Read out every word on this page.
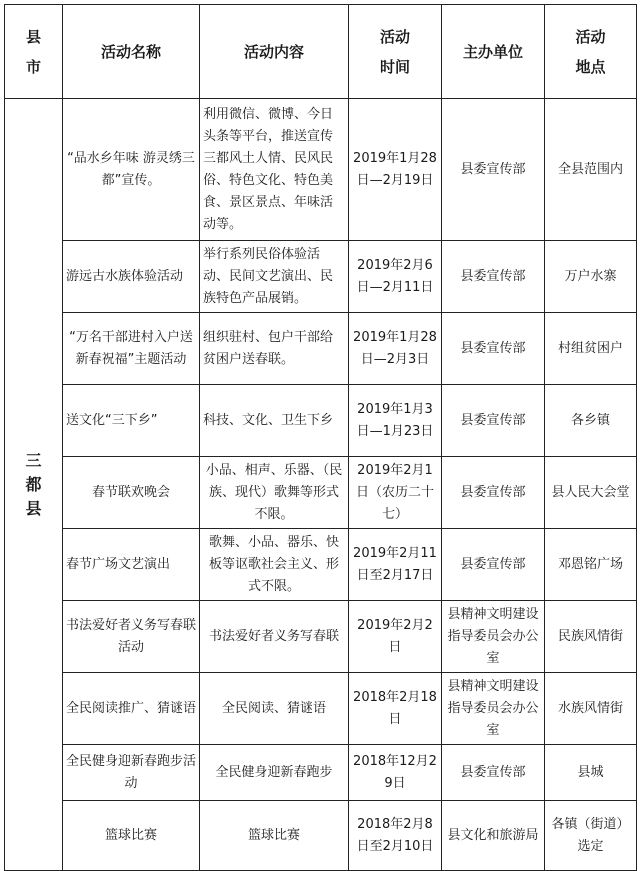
县市	活动名称	活动内容	活动时间	主办单位	活动地点
三都县	“品水乡年味 游灵绣三都”宣传。	利用微信、微博、今日头条等平台，推送宣传三都风土人情、民风民俗、特色文化、特色美食、景区景点、年味活动等。	2019年1月28日—2月19日	县委宣传部	全县范围内
	游远古水族体验活动	举行系列民俗体验活动、民间文艺演出、民族特色产品展销。	2019年2月6日—2月11日	县委宣传部	万户水寨
	“万名干部进村入户送新春祝福”主题活动	组织驻村、包户干部给贫困户送春联。	2019年1月28日—2月3日	县委宣传部	村组贫困户
	送文化“三下乡”	科技、文化、卫生下乡	2019年1月3日—1月23日	县委宣传部	各乡镇
	春节联欢晚会	小品、相声、乐器、（民族、现代）歌舞等形式不限。	2019年2月1日（农历二十七）	县委宣传部	县人民大会堂
	春节广场文艺演出	歌舞、小品、器乐、快板等讴歌社会主义、形式不限。	2019年2月11日至2月17日	县委宣传部	邓恩铭广场
	书法爱好者义务写春联活动	书法爱好者义务写春联	2019年2月2日	县精神文明建设指导委员会办公室	民族风情街
	全民阅读推广、猜谜语	全民阅读、猜谜语	2018年2月18日	县精神文明建设指导委员会办公室	水族风情街
	全民健身迎新春跑步活动	全民健身迎新春跑步	2018年12月29日	县委宣传部	县城
	篮球比赛	篮球比赛	2018年2月8日至2月10日	县文化和旅游局	各镇（街道）选定
